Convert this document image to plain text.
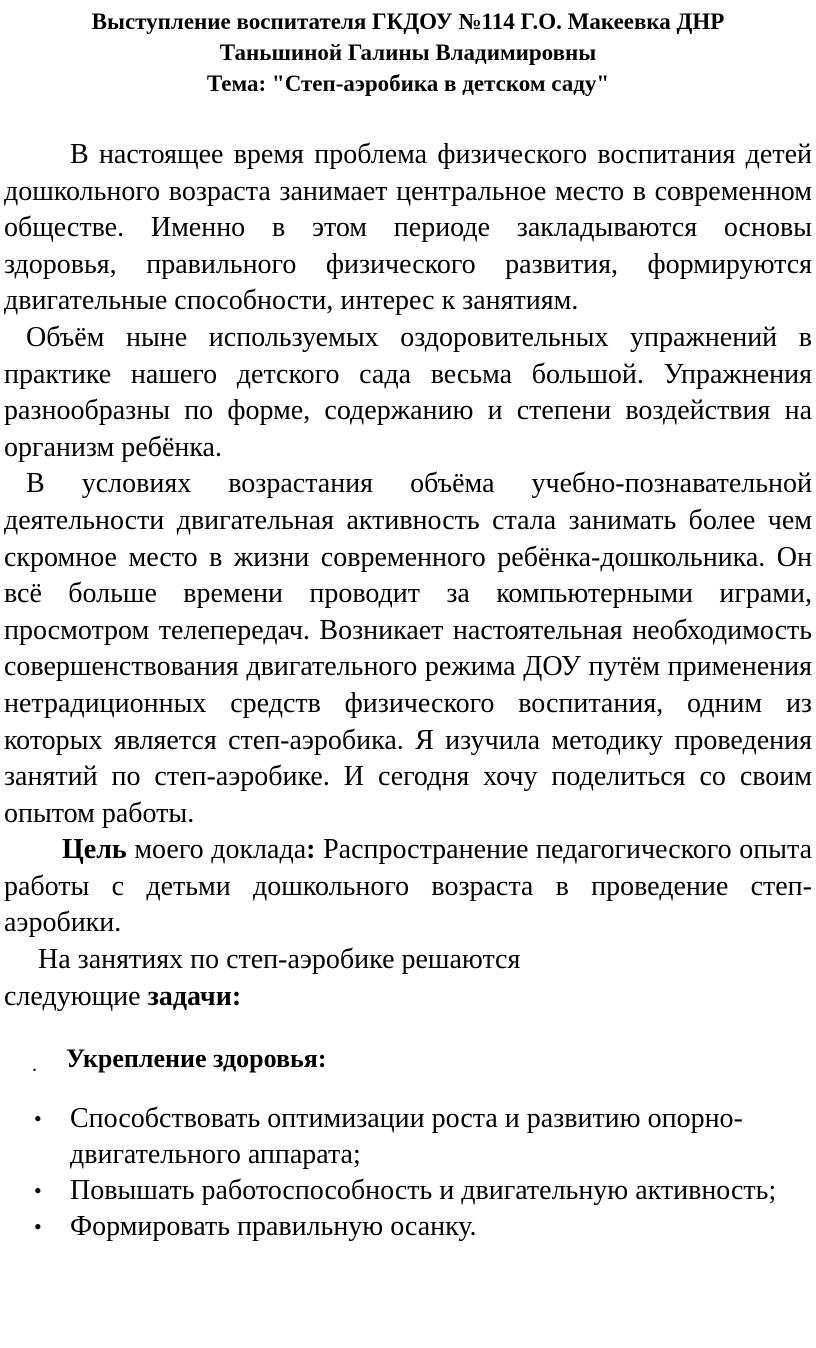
Выступление воспитателя ГКДОУ №114 Г.О. Макеевка ДНР
Таньшиной Галины Владимировны
Тема: "Степ-аэробика в детском саду"

В настоящее время проблема физического воспитания детей дошкольного возраста занимает центральное место в современном обществе. Именно в этом периоде закладываются основы здоровья, правильного физического развития, формируются двигательные способности, интерес к занятиям.

Объём ныне используемых оздоровительных упражнений в практике нашего детского сада весьма большой. Упражнения разнообразны по форме, содержанию и степени воздействия на организм ребёнка.

В условиях возрастания объёма учебно-познавательной деятельности двигательная активность стала занимать более чем скромное место в жизни современного ребёнка-дошкольника. Он всё больше времени проводит за компьютерными играми, просмотром телепередач. Возникает настоятельная необходимость совершенствования двигательного режима ДОУ путём применения нетрадиционных средств физического воспитания, одним из которых является степ-аэробика. Я изучила методику проведения занятий по степ-аэробике. И сегодня хочу поделиться со своим опытом работы.

Цель моего доклада: Распространение педагогического опыта работы с детьми дошкольного возраста в проведение степ-аэробики.

На занятиях по степ-аэробике решаются
следующие задачи:

. Укрепление здоровья:
• Способствовать оптимизации роста и развитию опорно-двигательного аппарата;
• Повышать работоспособность и двигательную активность;
• Формировать правильную осанку.
